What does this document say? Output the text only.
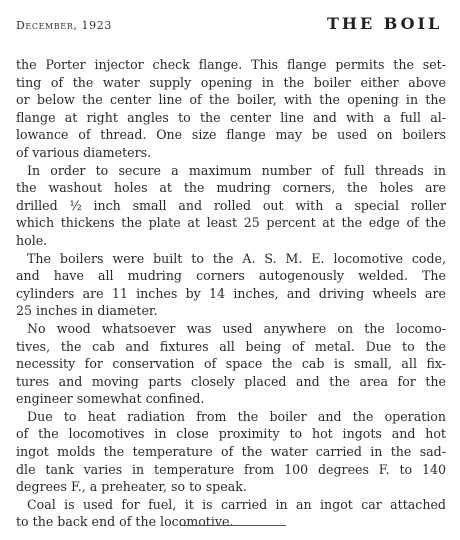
December, 1923	THE BOIL
the Porter injector check flange. This flange permits the set-
ting of the water supply opening in the boiler either above
or below the center line of the boiler, with the opening in the
flange at right angles to the center line and with a full al-
lowance of thread. One size flange may be used on boilers
of various diameters.
In order to secure a maximum number of full threads in
the washout holes at the mudring corners, the holes are
drilled ½ inch small and rolled out with a special roller
which thickens the plate at least 25 percent at the edge of the
hole.
The boilers were built to the A. S. M. E. locomotive code,
and have all mudring corners autogenously welded. The
cylinders are 11 inches by 14 inches, and driving wheels are
25 inches in diameter.
No wood whatsoever was used anywhere on the locomo-
tives, the cab and fixtures all being of metal. Due to the
necessity for conservation of space the cab is small, all fix-
tures and moving parts closely placed and the area for the
engineer somewhat confined.
Due to heat radiation from the boiler and the operation
of the locomotives in close proximity to hot ingots and hot
ingot molds the temperature of the water carried in the sad-
dle tank varies in temperature from 100 degrees F. to 140
degrees F., a preheater, so to speak.
Coal is used for fuel, it is carried in an ingot car attached
to the back end of the locomotive.
